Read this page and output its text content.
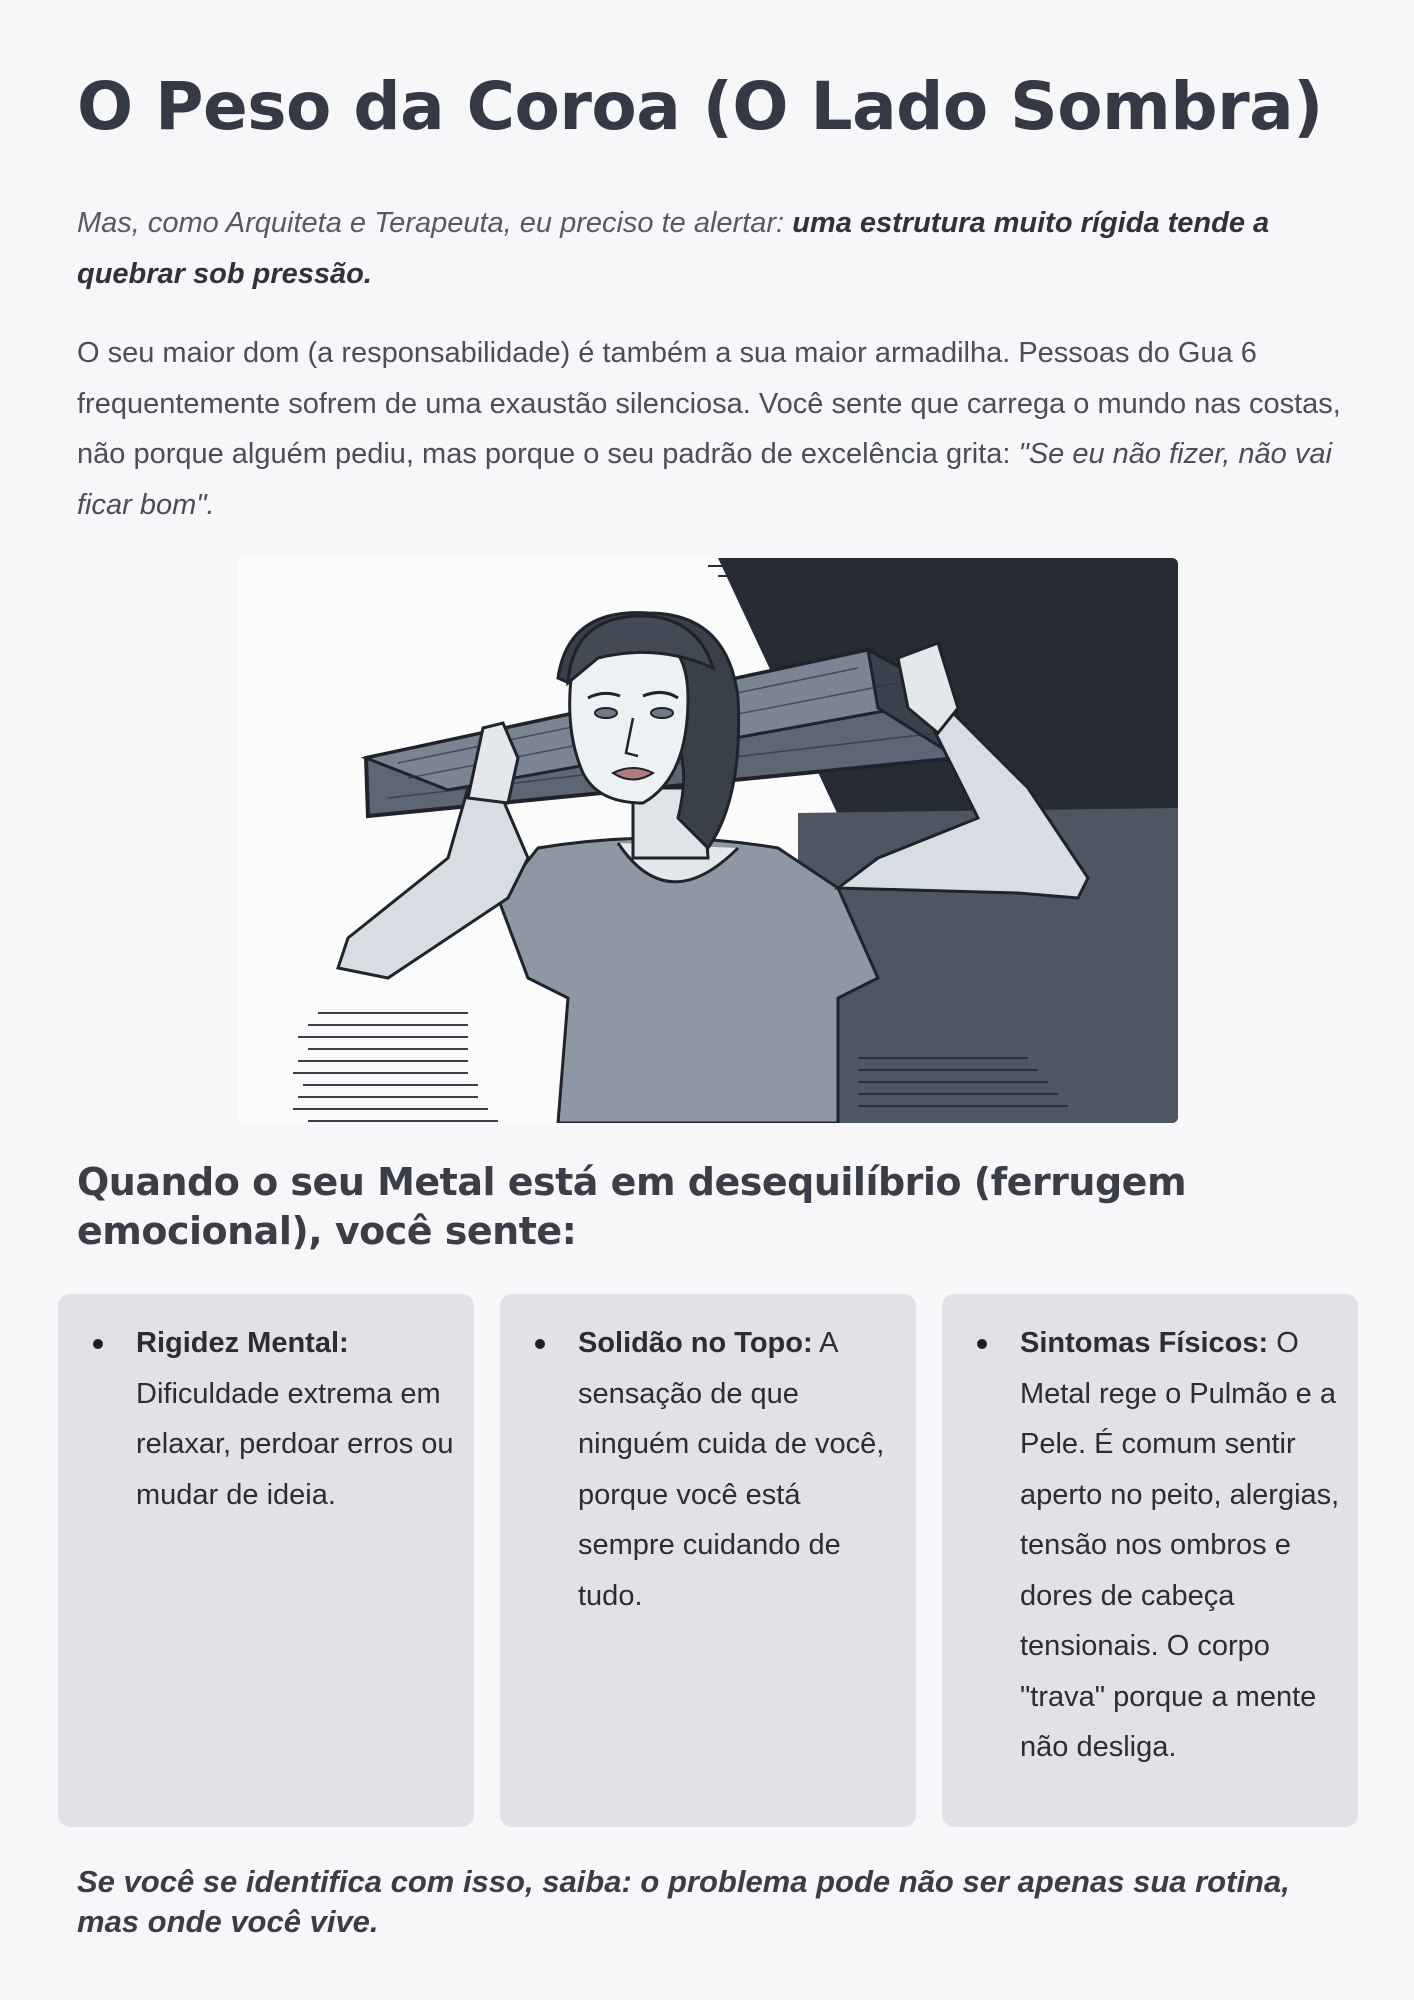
O Peso da Coroa (O Lado Sombra)

Mas, como Arquiteta e Terapeuta, eu preciso te alertar: uma estrutura muito rígida tende a quebrar sob pressão.

O seu maior dom (a responsabilidade) é também a sua maior armadilha. Pessoas do Gua 6 frequentemente sofrem de uma exaustão silenciosa. Você sente que carrega o mundo nas costas, não porque alguém pediu, mas porque o seu padrão de excelência grita: "Se eu não fizer, não vai ficar bom".

Quando o seu Metal está em desequilíbrio (ferrugem emocional), você sente:
Rigidez Mental: Dificuldade extrema em relaxar, perdoar erros ou mudar de ideia.
Solidão no Topo: A sensação de que ninguém cuida de você, porque você está sempre cuidando de tudo.
Sintomas Físicos: O Metal rege o Pulmão e a Pele. É comum sentir aperto no peito, alergias, tensão nos ombros e dores de cabeça tensionais. O corpo "trava" porque a mente não desliga.

Se você se identifica com isso, saiba: o problema pode não ser apenas sua rotina, mas onde você vive.
